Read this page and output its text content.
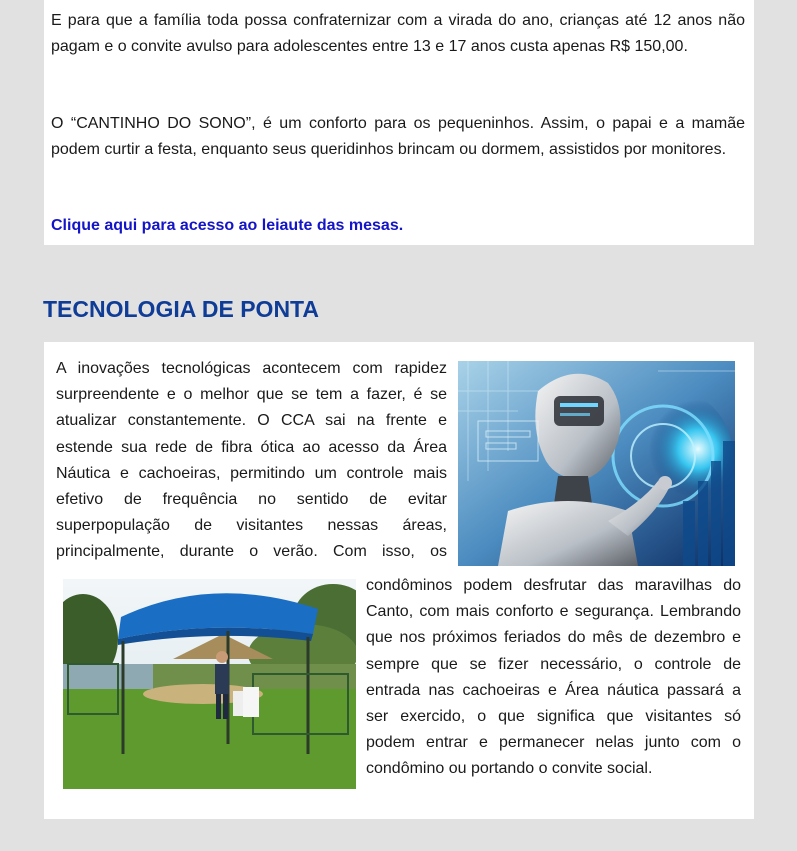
E para que a família toda possa confraternizar com a virada do ano, crianças até 12 anos não pagam e o convite avulso para adolescentes entre 13 e 17 anos custa apenas R$ 150,00.

O “CANTINHO DO SONO”, é um conforto para os pequeninhos. Assim, o papai e a mamãe podem curtir a festa, enquanto seus queridinhos brincam ou dormem, assistidos por monitores.

Clique aqui para acesso ao leiaute das mesas.
TECNOLOGIA DE PONTA

A inovações tecnológicas acontecem com rapidez surpreendente e o melhor que se tem a fazer, é se atualizar constantemente. O CCA sai na frente e estende sua rede de fibra ótica ao acesso da Área Náutica e cachoeiras, permitindo um controle mais efetivo de frequência no sentido de evitar superpopulação de visitantes nessas áreas, principalmente, durante o verão. Com isso, os

condôminos podem desfrutar das maravilhas do Canto, com mais conforto e segurança. Lembrando que nos próximos feriados do mês de dezembro e sempre que se fizer necessário, o controle de entrada nas cachoeiras e Área náutica passará a ser exercido, o que significa que visitantes só podem entrar e permanecer nelas junto com o condômino ou portando o convite social.
